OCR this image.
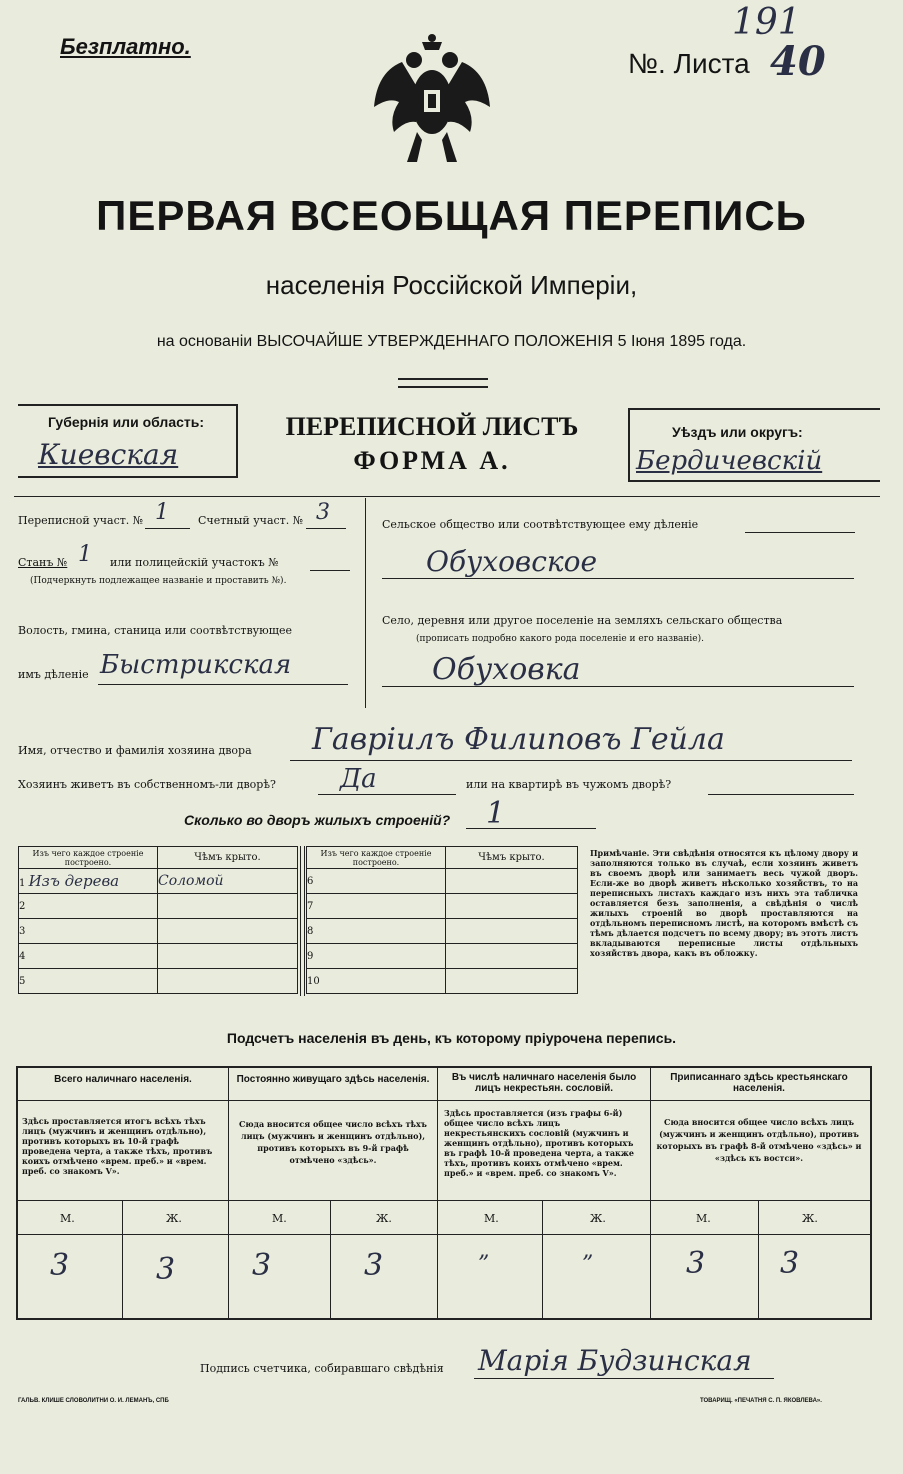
Безплатно.
№. Листа
191
40
ПЕРВАЯ ВСЕОБЩАЯ ПЕРЕПИСЬ
населенія Россійской Имперіи,
на основаніи ВЫСОЧАЙШЕ УТВЕРЖДЕННАГО ПОЛОЖЕНІЯ 5 Іюня 1895 года.
Губернія или область:
Киевская
ПЕРЕПИСНОЙ ЛИСТЪ
ФОРМА А.
Уѣздъ или округъ:
Бердичевскій
Переписной участ. № 1	Счетный участ. № 3
Станъ № 1 или полицейскій участокъ №
(Подчеркнуть подлежащее названіе и проставить №).
Волость, гмина, станица или соотвѣтствующее
имъ дѣленіе Быстрикская
Сельское общество или соотвѣтствующее ему дѣленіе
Обуховское
Село, деревня или другое поселеніе на земляхъ сельскаго общества
(прописать подробно какого рода поселеніе и его названіе).
Обуховка
Имя, отчество и фамилія хозяина двора Гавріилъ Филиповъ Гейла
Хозяинъ живетъ въ собственномъ-ли дворѣ? Да	или на квартирѣ въ чужомъ дворѣ?
Сколько во дворъ жилыхъ строеній? 1
Изъ чего каждое строеніе построено.	Чѣмъ крыто.
1 Изъ дерева	Соломой
2	
3	
4	
5	
Изъ чего каждое строеніе построено.	Чѣмъ крыто.
6	
7	
8	
9	
10	
Примѣчаніе. Эти свѣдѣнія относятся къ цѣлому двору и заполняются только въ случаѣ, если хозяинъ живетъ въ своемъ дворѣ или занимаетъ весь чужой дворъ. Если-же во дворѣ живетъ нѣсколько хозяйствъ, то на переписныхъ листахъ каждаго изъ нихъ эта табличка оставляется безъ заполненія, а свѣдѣнія о числѣ жилыхъ строеній во дворѣ проставляются на отдѣльномъ переписномъ листѣ, на которомъ вмѣстѣ съ тѣмъ дѣлается подсчетъ по всему двору; въ этотъ листъ вкладываются переписные листы отдѣльныхъ хозяйствъ двора, какъ въ обложку.
Подсчетъ населенія въ день, къ которому пріурочена перепись.
Всего наличнаго населенія.
Здѣсь проставляется итогъ всѣхъ тѣхъ лицъ (мужчинъ и женщинъ отдѣльно), противъ которыхъ въ 10-й графѣ проведена черта, а также тѣхъ, противъ коихъ отмѣчено «врем. преб.» и «врем. преб. со знакомъ V».
М.	Ж.
3	3
Постоянно живущаго здѣсь населенія.
Сюда вносится общее число всѣхъ тѣхъ лицъ (мужчинъ и женщинъ отдѣльно), противъ которыхъ въ 9-й графѣ отмѣчено «здѣсь».
М.	Ж.
3	3
Въ числѣ наличнаго населенія было лицъ некрестьян. сословій.
Здѣсь проставляется (изъ графы 6-й) общее число всѣхъ лицъ некрестьянскихъ сословій (мужчинъ и женщинъ отдѣльно), противъ которыхъ въ графѣ 10-й проведена черта, а также тѣхъ, противъ коихъ отмѣчено «врем. преб.» и «врем. преб. со знакомъ V».
М.	Ж.
”	”
Приписаннаго здѣсь крестьянскаго населенія.
Сюда вносится общее число всѣхъ лицъ (мужчинъ и женщинъ отдѣльно), противъ которыхъ въ графѣ 8-й отмѣчено «здѣсь» и «здѣсь къ востси».
М.	Ж.
3 3
Подпись счетчика, собиравшаго свѣдѣнія Марія Будзинская
ГАЛЬВ. КЛИШЕ СЛОВОЛИТНИ О. И. ЛЕМАНЪ, СПБ	ТОВАРИЩ. «ПЕЧАТНЯ С. П. ЯКОВЛЕВА».
